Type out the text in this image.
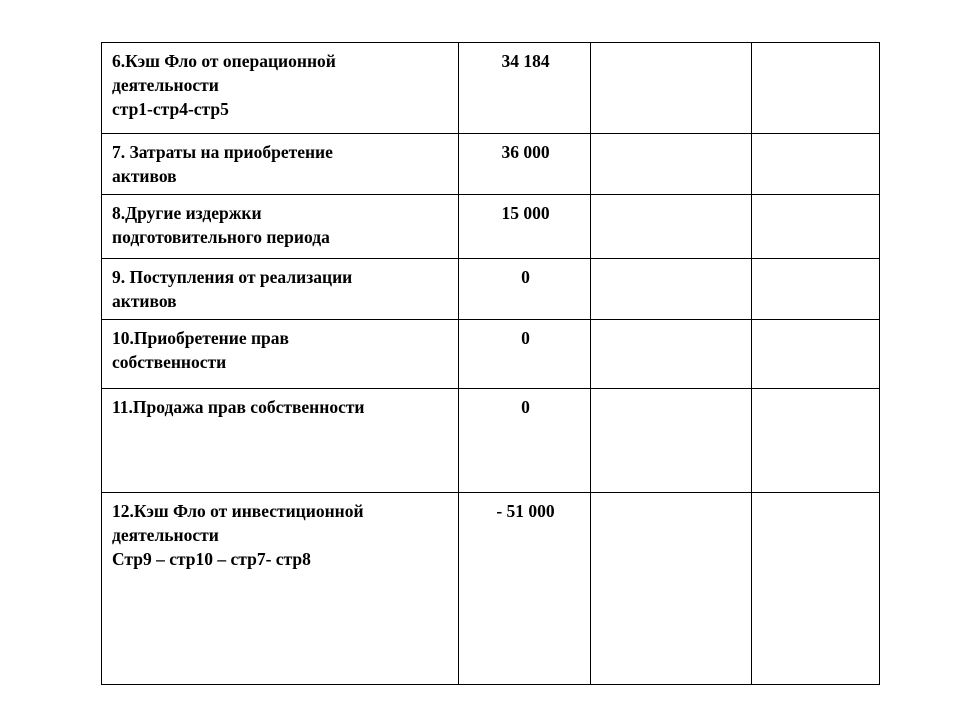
6.Кэш Фло от операционной
деятельности
стр1-стр4-стр5	34 184		

7. Затраты на приобретение
активов	36 000		

8.Другие издержки
подготовительного периода	15 000		

9. Поступления от реализации
активов	0		

10.Приобретение прав
собственности	0		

11.Продажа прав собственности	0		

12.Кэш Фло от инвестиционной
деятельности
Стр9 – стр10 – стр7- стр8	- 51 000		
